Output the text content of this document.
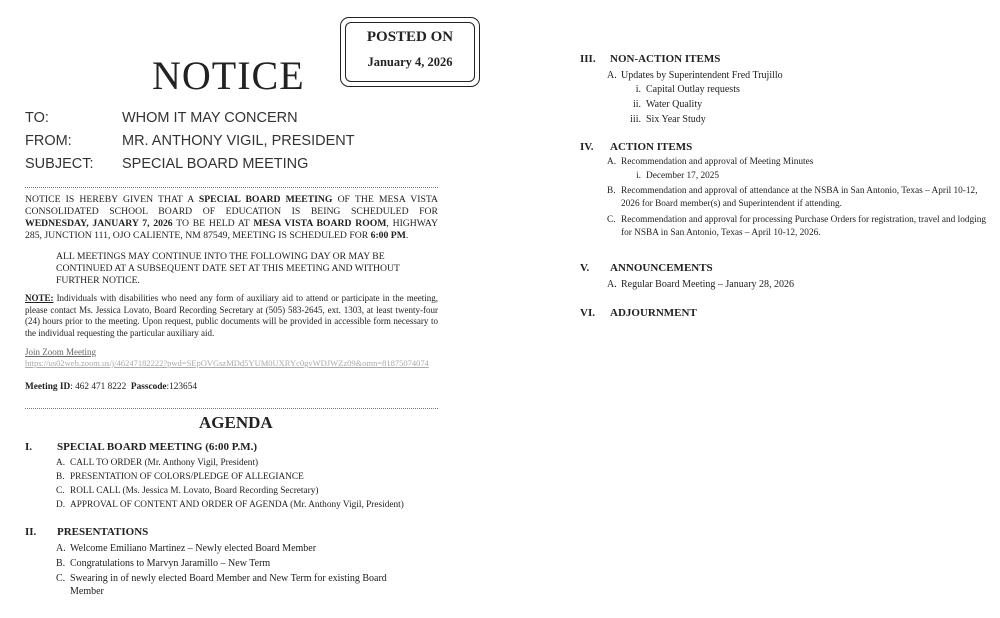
POSTED ON
January 4, 2026
NOTICE
TO:	WHOM IT MAY CONCERN
FROM:	MR. ANTHONY VIGIL, PRESIDENT
SUBJECT: SPECIAL BOARD MEETING
NOTICE IS HEREBY GIVEN THAT A SPECIAL BOARD MEETING OF THE MESA VISTA CONSOLIDATED SCHOOL BOARD OF EDUCATION IS BEING SCHEDULED FOR WEDNESDAY, JANUARY 7, 2026 TO BE HELD AT MESA VISTA BOARD ROOM, HIGHWAY 285, JUNCTION 111, OJO CALIENTE, NM 87549, MEETING IS SCHEDULED FOR 6:00 PM.
ALL MEETINGS MAY CONTINUE INTO THE FOLLOWING DAY OR MAY BE CONTINUED AT A SUBSEQUENT DATE SET AT THIS MEETING AND WITHOUT FURTHER NOTICE.
NOTE: Individuals with disabilities who need any form of auxiliary aid to attend or participate in the meeting, please contact Ms. Jessica Lovato, Board Recording Secretary at (505) 583-2645, ext. 1303, at least twenty-four (24) hours prior to the meeting. Upon request, public documents will be provided in accessible form necessary to the individual requesting the particular auxiliary aid.
Join Zoom Meeting
https://us02web.zoom.us/j/46247182222?pwd=SEpOVGszMDd5YUM0UXRYc0gvWDJWZz09&omn=81875074074
Meeting ID: 462 471 8222 Passcode:123654
AGENDA
I. SPECIAL BOARD MEETING (6:00 P.M.)
A. CALL TO ORDER (Mr. Anthony Vigil, President)
B. PRESENTATION OF COLORS/PLEDGE OF ALLEGIANCE
C. ROLL CALL (Ms. Jessica M. Lovato, Board Recording Secretary)
D. APPROVAL OF CONTENT AND ORDER OF AGENDA (Mr. Anthony Vigil, President)
II. PRESENTATIONS
A. Welcome Emiliano Martinez – Newly elected Board Member
B. Congratulations to Marvyn Jaramillo – New Term
C. Swearing in of newly elected Board Member and New Term for existing Board Member
III. NON-ACTION ITEMS
A. Updates by Superintendent Fred Trujillo
i. Capital Outlay requests
ii. Water Quality
iii. Six Year Study
IV. ACTION ITEMS
A. Recommendation and approval of Meeting Minutes
i. December 17, 2025
B. Recommendation and approval of attendance at the NSBA in San Antonio, Texas – April 10-12, 2026 for Board member(s) and Superintendent if attending.
C. Recommendation and approval for processing Purchase Orders for registration, travel and lodging for NSBA in San Antonio, Texas – April 10-12, 2026.
V. ANNOUNCEMENTS
A. Regular Board Meeting – January 28, 2026
VI. ADJOURNMENT
